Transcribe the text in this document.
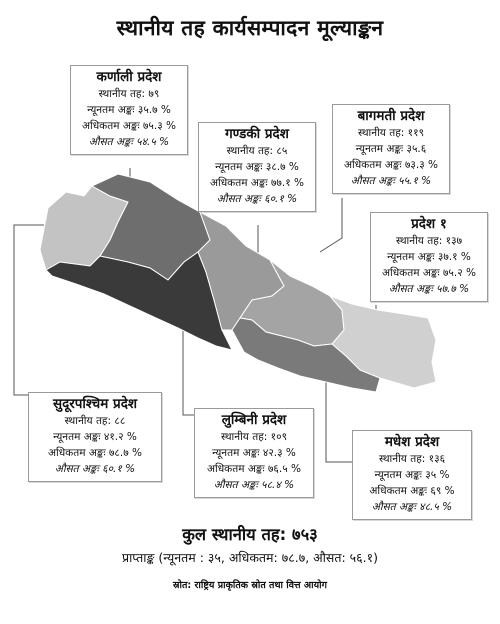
स्थानीय तह कार्यसम्पादन मूल्याङ्कन
कर्णाली प्रदेश
स्थानीय तह: ७९
न्यूनतम अङ्कः ३५.७ %
अधिकतम अङ्कः ७५.३ %
औसत अङ्कः ५४.५ %	गण्डकी प्रदेश
स्थानीय तह: ८५
न्यूनतम अङ्कः ३८.७ %
अधिकतम अङ्कः ७७.१ %
औसत अङ्कः ६०.१ %
बागमती प्रदेश
स्थानीय तह: ११९
न्यूनतम अङ्कः ३५.६
अधिकतम अङ्कः ७३.३ %
औसत अङ्कः ५५.१ %
प्रदेश १
स्थानीय तह: १३७
न्यूनतम अङ्कः ३७.१ %
अधिकतम अङ्कः ७५.२ %
औसत अङ्कः ५७.७ %
सुदूरपश्चिम प्रदेश
स्थानीय तह: ८८
न्यूनतम अङ्कः ४१.२ %
अधिकतम अङ्कः ७८.७ %
औसत अङ्कः ६०.१ %
लुम्बिनी प्रदेश
स्थानीय तह: १०९
न्यूनतम अङ्कः ४२.३ %
अधिकतम अङ्कः ७६.५ %
औसत अङ्कः ५८.४ %
मधेश प्रदेश
स्थानीय तह: १३६
न्यूनतम अङ्कः ३५ %
अधिकतम अङ्कः ६९ %
औसत अङ्कः ४८.५ %
कुल स्थानीय तह: ७५३
प्राप्ताङ्क (न्यूनतम : ३५, अधिकतम: ७८.७, औसत: ५६.१)
स्रोत: राष्ट्रिय प्राकृतिक स्रोत तथा वित्त आयोग
